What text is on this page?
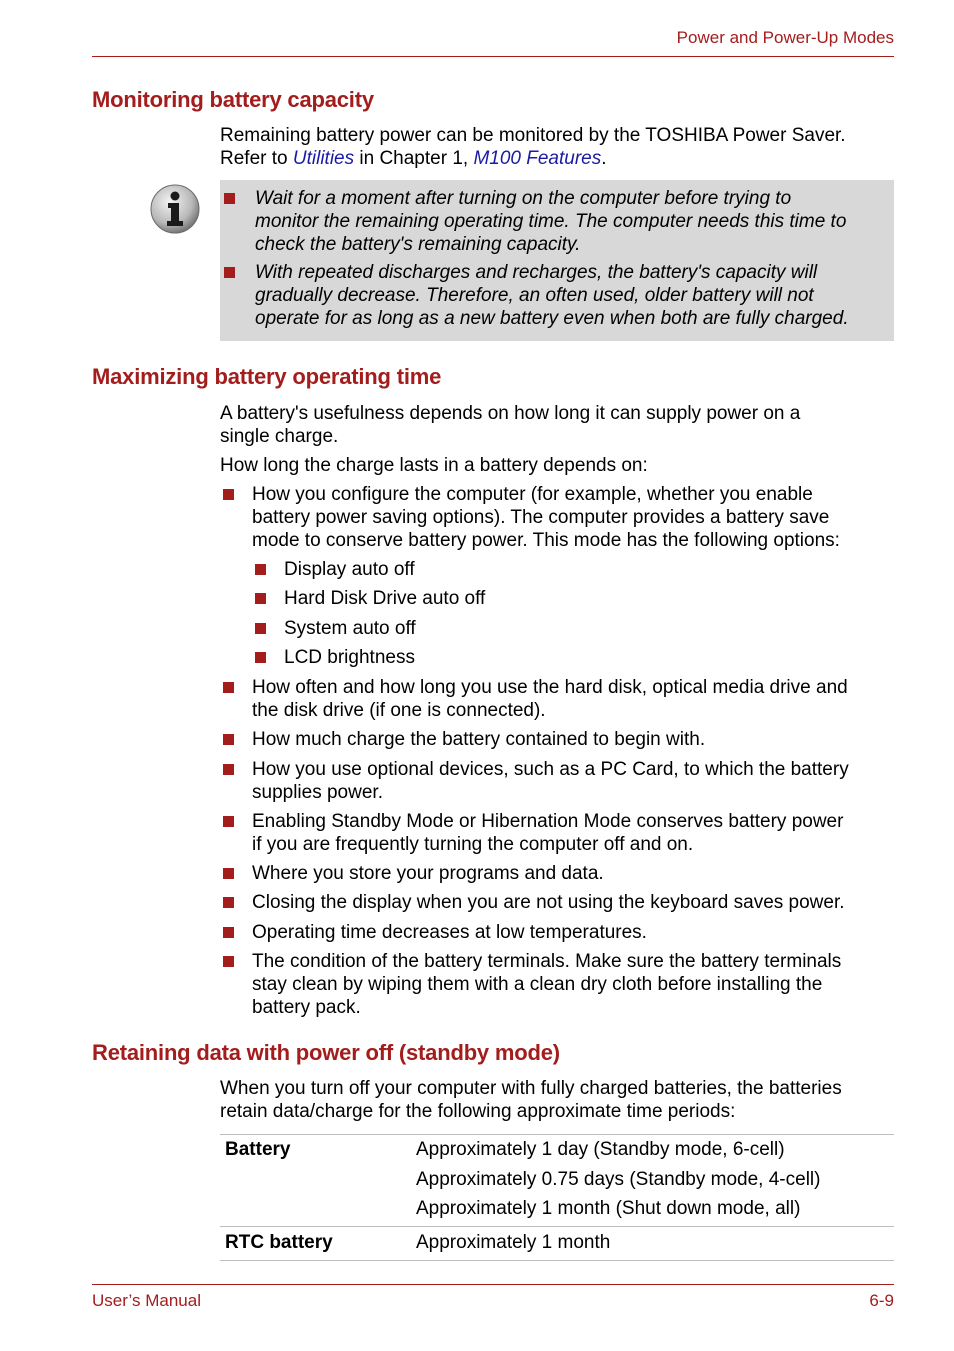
Power and Power-Up Modes
Monitoring battery capacity
Remaining battery power can be monitored by the TOSHIBA Power Saver.
Refer to Utilities in Chapter 1, M100 Features.
Wait for a moment after turning on the computer before trying to
monitor the remaining operating time. The computer needs this time to
check the battery's remaining capacity.
With repeated discharges and recharges, the battery's capacity will
gradually decrease. Therefore, an often used, older battery will not
operate for as long as a new battery even when both are fully charged.
Maximizing battery operating time
A battery's usefulness depends on how long it can supply power on a
single charge.
How long the charge lasts in a battery depends on:
How you configure the computer (for example, whether you enable
battery power saving options). The computer provides a battery save
mode to conserve battery power. This mode has the following options:
Display auto off
Hard Disk Drive auto off
System auto off
LCD brightness
How often and how long you use the hard disk, optical media drive and
the disk drive (if one is connected).
How much charge the battery contained to begin with.
How you use optional devices, such as a PC Card, to which the battery
supplies power.
Enabling Standby Mode or Hibernation Mode conserves battery power
if you are frequently turning the computer off and on.
Where you store your programs and data.
Closing the display when you are not using the keyboard saves power.
Operating time decreases at low temperatures.
The condition of the battery terminals. Make sure the battery terminals
stay clean by wiping them with a clean dry cloth before installing the
battery pack.
Retaining data with power off (standby mode)
When you turn off your computer with fully charged batteries, the batteries
retain data/charge for the following approximate time periods:
Battery	Approximately 1 day (Standby mode, 6-cell)
Approximately 0.75 days (Standby mode, 4-cell)
Approximately 1 month (Shut down mode, all)
RTC battery	Approximately 1 month
User’s Manual	6-9
